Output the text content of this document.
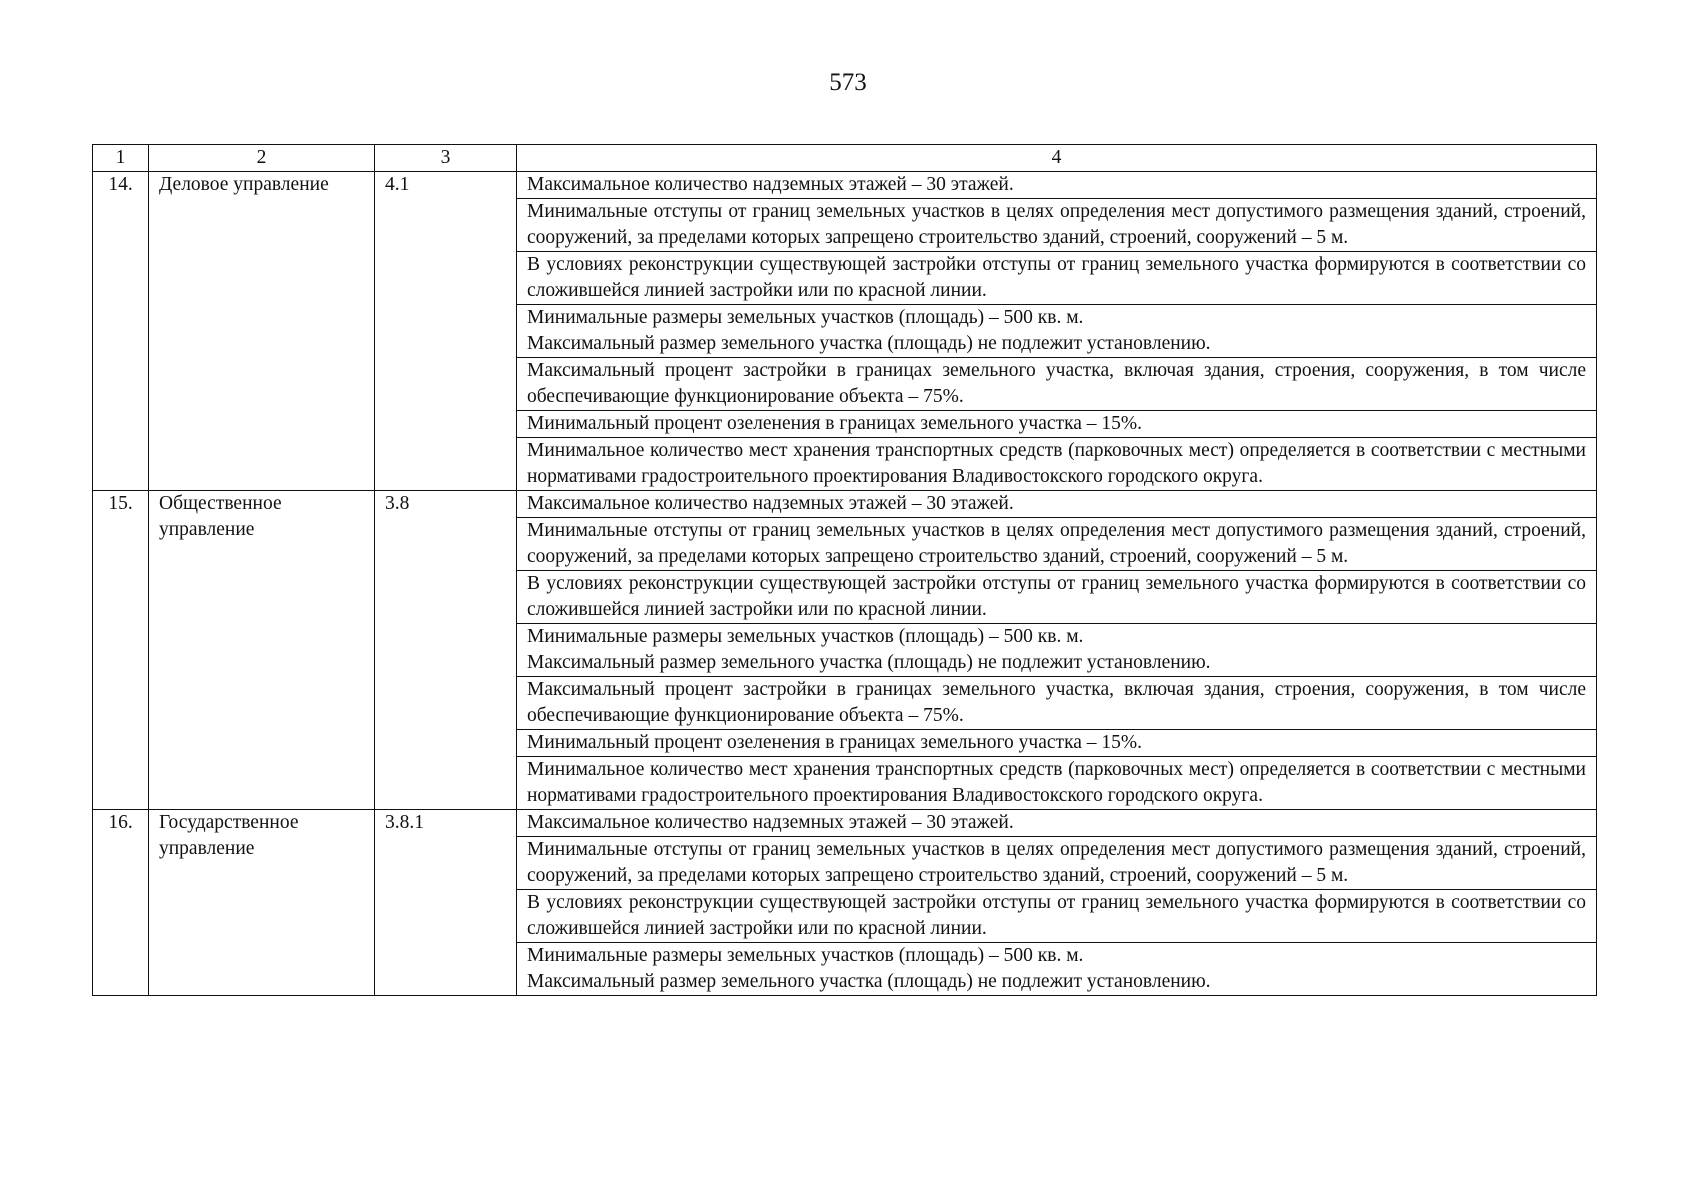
573
1	2	3	4
14.	Деловое управление	4.1	Максимальное количество надземных этажей – 30 этажей.

			Минимальные отступы от границ земельных участков в целях определения мест допустимого размещения зданий, строений, сооружений, за пределами которых запрещено строительство зданий, строений, сооружений – 5 м.

			В условиях реконструкции существующей застройки отступы от границ земельного участка формируются в соответствии со сложившейся линией застройки или по красной линии.

			Минимальные размеры земельных участков (площадь) – 500 кв. м.
Максимальный размер земельного участка (площадь) не подлежит установлению.

			Максимальный процент застройки в границах земельного участка, включая здания, строения, сооружения, в том числе обеспечивающие функционирование объекта – 75%.

			Минимальный процент озеленения в границах земельного участка – 15%.

			Минимальное количество мест хранения транспортных средств (парковочных мест) определяется в соответствии с местными нормативами градостроительного проектирования Владивостокского городского округа.

15.	Общественное управление	3.8	Максимальное количество надземных этажей – 30 этажей.

			Минимальные отступы от границ земельных участков в целях определения мест допустимого размещения зданий, строений, сооружений, за пределами которых запрещено строительство зданий, строений, сооружений – 5 м.

			В условиях реконструкции существующей застройки отступы от границ земельного участка формируются в соответствии со сложившейся линией застройки или по красной линии.

			Минимальные размеры земельных участков (площадь) – 500 кв. м.
Максимальный размер земельного участка (площадь) не подлежит установлению.

			Максимальный процент застройки в границах земельного участка, включая здания, строения, сооружения, в том числе обеспечивающие функционирование объекта – 75%.

			Минимальный процент озеленения в границах земельного участка – 15%.

			Минимальное количество мест хранения транспортных средств (парковочных мест) определяется в соответствии с местными нормативами градостроительного проектирования Владивостокского городского округа.

16.	Государственное управление	3.8.1	Максимальное количество надземных этажей – 30 этажей.

			Минимальные отступы от границ земельных участков в целях определения мест допустимого размещения зданий, строений, сооружений, за пределами которых запрещено строительство зданий, строений, сооружений – 5 м.

			В условиях реконструкции существующей застройки отступы от границ земельного участка формируются в соответствии со сложившейся линией застройки или по красной линии.

			Минимальные размеры земельных участков (площадь) – 500 кв. м.
Максимальный размер земельного участка (площадь) не подлежит установлению.
